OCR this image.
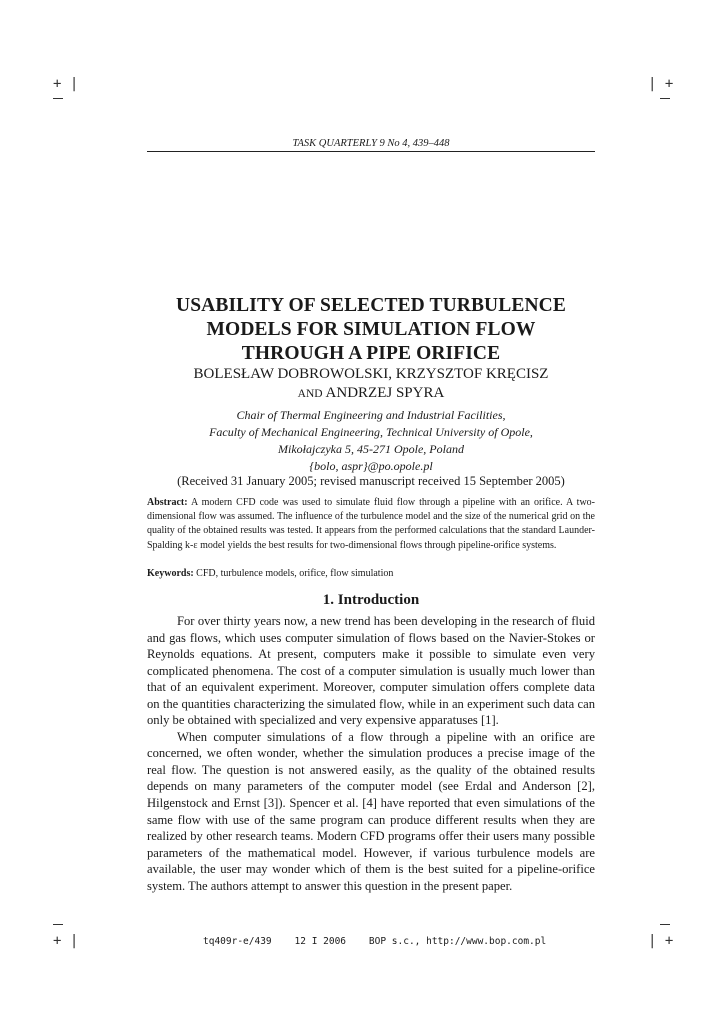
+ |	| +
+ |	| +
TASK QUARTERLY 9 No 4, 439–448
USABILITY OF SELECTED TURBULENCE
MODELS FOR SIMULATION FLOW
THROUGH A PIPE ORIFICE
BOLESŁAW DOBROWOLSKI, KRZYSZTOF KRĘCISZ
AND ANDRZEJ SPYRA
Chair of Thermal Engineering and Industrial Facilities,
Faculty of Mechanical Engineering, Technical University of Opole,
Mikołajczyka 5, 45-271 Opole, Poland
{bolo, aspr}@po.opole.pl
(Received 31 January 2005; revised manuscript received 15 September 2005)
Abstract: A modern CFD code was used to simulate fluid flow through a pipeline with an orifice. A two-dimensional flow was assumed. The influence of the turbulence model and the size of the numerical grid on the quality of the obtained results was tested. It appears from the performed calculations that the standard Launder-Spalding k-ε model yields the best results for two-dimensional flows through pipeline-orifice systems.
Keywords: CFD, turbulence models, orifice, flow simulation
1. Introduction

For over thirty years now, a new trend has been developing in the research of fluid and gas flows, which uses computer simulation of flows based on the Navier-Stokes or Reynolds equations. At present, computers make it possible to simulate even very complicated phenomena. The cost of a computer simulation is usually much lower than that of an equivalent experiment. Moreover, computer simulation offers complete data on the quantities characterizing the simulated flow, while in an experiment such data can only be obtained with specialized and very expensive apparatuses [1].

When computer simulations of a flow through a pipeline with an orifice are concerned, we often wonder, whether the simulation produces a precise image of the real flow. The question is not answered easily, as the quality of the obtained results depends on many parameters of the computer model (see Erdal and Anderson [2], Hilgenstock and Ernst [3]). Spencer et al. [4] have reported that even simulations of the same flow with use of the same program can produce different results when they are realized by other research teams. Modern CFD programs offer their users many possible parameters of the mathematical model. However, if various turbulence models are available, the user may wonder which of them is the best suited for a pipeline-orifice system. The authors attempt to answer this question in the present paper.

tq409r-e/439 12 I 2006 BOP s.c., http://www.bop.com.pl
